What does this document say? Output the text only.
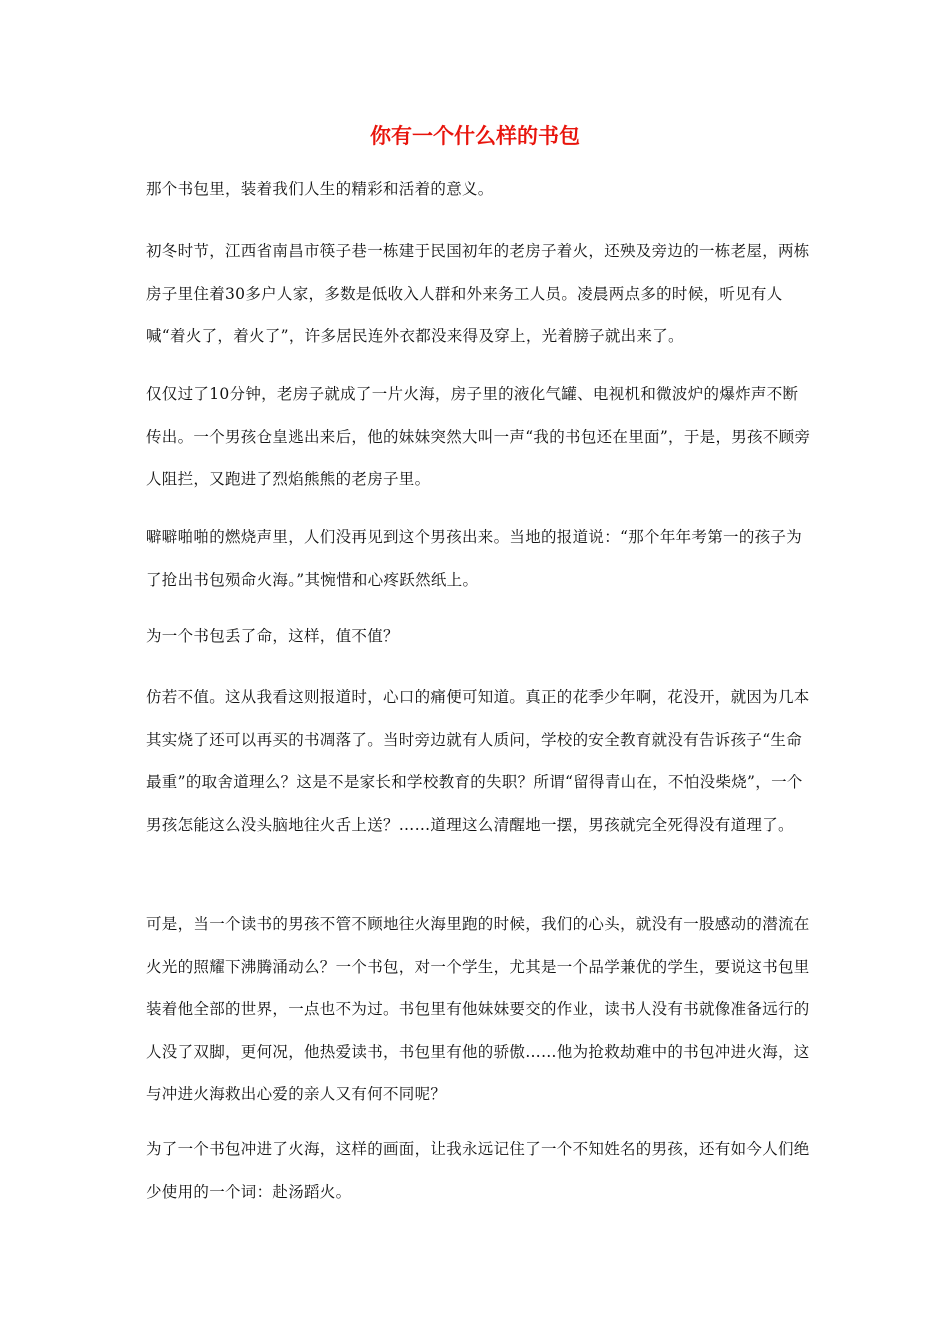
你有一个什么样的书包

那个书包里，装着我们人生的精彩和活着的意义。

初冬时节，江西省南昌市筷子巷一栋建于民国初年的老房子着火，还殃及旁边的一栋老屋，两栋房子里住着30多户人家，多数是低收入人群和外来务工人员。凌晨两点多的时候，听见有人喊“着火了，着火了”，许多居民连外衣都没来得及穿上，光着膀子就出来了。

仅仅过了10分钟，老房子就成了一片火海，房子里的液化气罐、电视机和微波炉的爆炸声不断传出。一个男孩仓皇逃出来后，他的妹妹突然大叫一声“我的书包还在里面”，于是，男孩不顾旁人阻拦，又跑进了烈焰熊熊的老房子里。

噼噼啪啪的燃烧声里，人们没再见到这个男孩出来。当地的报道说：“那个年年考第一的孩子为了抢出书包殒命火海。”其惋惜和心疼跃然纸上。

为一个书包丢了命，这样，值不值？

仿若不值。这从我看这则报道时，心口的痛便可知道。真正的花季少年啊，花没开，就因为几本其实烧了还可以再买的书凋落了。当时旁边就有人质问，学校的安全教育就没有告诉孩子“生命最重”的取舍道理么？这是不是家长和学校教育的失职？所谓“留得青山在，不怕没柴烧”，一个男孩怎能这么没头脑地往火舌上送？……道理这么清醒地一摆，男孩就完全死得没有道理了。

可是，当一个读书的男孩不管不顾地往火海里跑的时候，我们的心头，就没有一股感动的潜流在火光的照耀下沸腾涌动么？一个书包，对一个学生，尤其是一个品学兼优的学生，要说这书包里装着他全部的世界，一点也不为过。书包里有他妹妹要交的作业，读书人没有书就像准备远行的人没了双脚，更何况，他热爱读书，书包里有他的骄傲……他为抢救劫难中的书包冲进火海，这与冲进火海救出心爱的亲人又有何不同呢？

为了一个书包冲进了火海，这样的画面，让我永远记住了一个不知姓名的男孩，还有如今人们绝少使用的一个词：赴汤蹈火。
